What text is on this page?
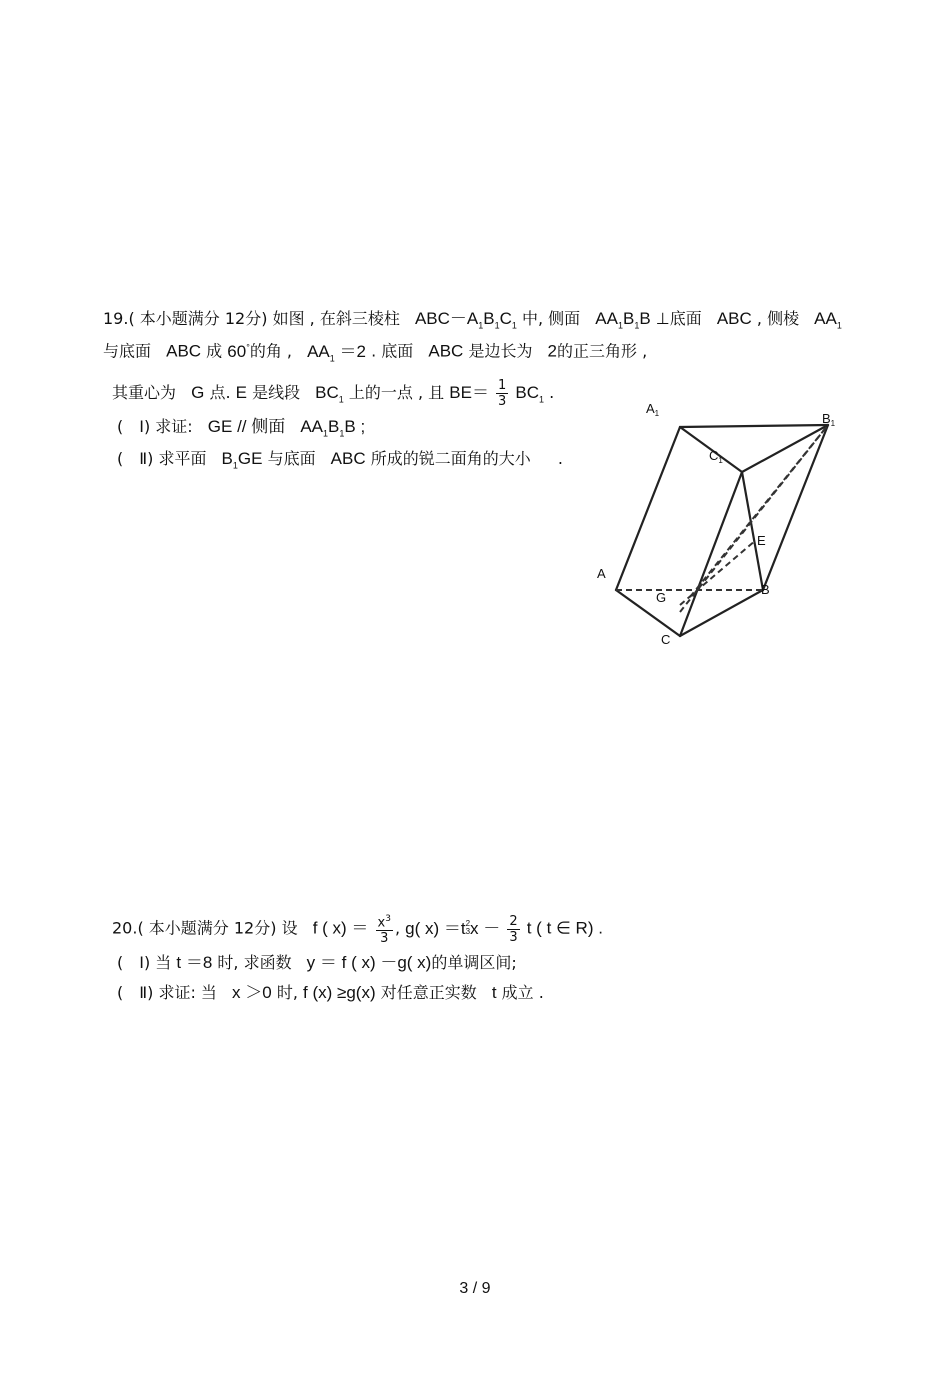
19.( 本小题满分 12分) 如图 , 在斜三棱柱 $ABC-A_1B_1C_1$ 中, 侧面 $AA_1B_1B$ ⊥底面 ABC , 侧棱 $AA_1$
与底面 ABC 成 60°的角 , $AA_1 =2$ . 底面 ABC 是边长为 2的正三角形 ,
其重心为 G 点. E 是线段 $BC_1$ 上的一点 , 且 $BE= \frac{1}{3} BC_1$ .
(　Ⅰ) 求证: GE // 侧面 $AA_1B_1B$ ;
(　Ⅱ) 求平面 $B_1GE$ 与底面 ABC 所成的锐二面角的大小 .
$A_1$	$B_1$
$C_1$
A
B
C
E
G
20.( 本小题满分 12分) 设 f ( $x) = \frac{x^3}{3}$ , g( x) ＝t $^{2 3}$ $x - \frac{2}{3}$ t ( t ∈ R) .
(　Ⅰ) 当 t ＝8 时, 求函数 y ＝ f ( x) －g( x)的单调区间;
(　Ⅱ) 求证: 当 x ＞0 时, f (x) ≥g(x) 对任意正实数 t 成立 .
3 / 9
